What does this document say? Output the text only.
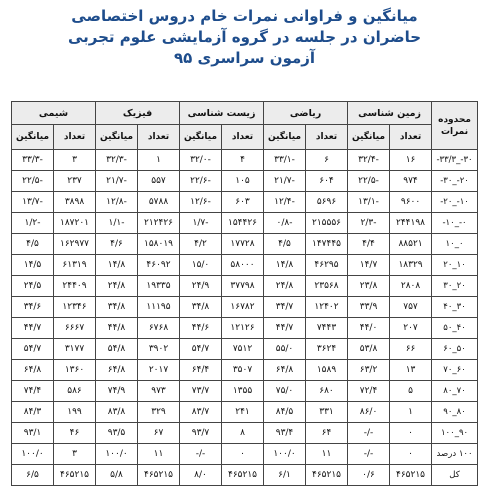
میانگین و فراوانی نمرات خام دروس اختصاصی
حاضران در جلسه در گروه آزمایشی علوم تجربی
آزمون سراسری ۹۵
محدوده
نمرات	زمین شناسی		ریاضی		زیست شناسی		فیزیک		شیمی	
	تعداد	میانگین	تعداد	میانگین	تعداد	میانگین	تعداد	میانگین	تعداد	میانگین
۳۰-_۳۳/۳-	۱۶	-۳۲/۴	۶	-۳۳/۱	۴	-۳۲/۰	۱	-۳۲/۳	۳	-۳۳/۳
۲۰-_۳۰-	۹۷۴	-۲۲/۵	۶۰۴	-۲۱/۷	۱۰۵	-۲۲/۶	۵۵۷	-۲۱/۷	۲۳۷	-۲۲/۵
۱۰-_۲۰-	۹۶۰۰	-۱۳/۱	۵۶۹۶	-۱۲/۴	۶۰۳	-۱۲/۶	۵۷۸۸	-۱۲/۸	۳۸۹۸	-۱۳/۷
۰-_۱۰-	۲۴۴۱۹۸	-۲/۳	۲۱۵۵۵۶	-۰/۸	۱۵۴۴۲۶	-۱/۷	۲۱۲۴۲۶	-۱/۱	۱۸۷۲۰۱	-۱/۲
۰_۱۰	۸۸۵۲۱	۴/۴	۱۴۷۴۴۵	۴/۵	۱۷۷۲۸	۴/۲	۱۵۸۰۱۹	۴/۶	۱۶۲۹۷۷	۴/۵
۱۰_۲۰	۱۸۳۲۹	۱۴/۷	۴۶۲۹۵	۱۴/۸	۵۸۰۰۰	۱۵/۰	۴۶۰۹۲	۱۴/۸	۶۱۳۱۹	۱۴/۵
۲۰_۳۰	۲۸۰۸	۲۳/۸	۲۳۵۶۸	۲۴/۸	۳۷۷۹۸	۲۴/۹	۱۹۳۳۵	۲۴/۸	۲۴۴۰۹	۲۴/۵
۳۰_۴۰	۷۵۷	۳۳/۹	۱۲۴۰۲	۳۴/۷	۱۶۷۸۲	۳۴/۸	۱۱۱۹۵	۳۴/۸	۱۲۳۴۶	۳۴/۶
۴۰_۵۰	۲۰۷	۴۴/۰	۷۴۴۳	۴۴/۷	۱۲۱۲۶	۴۴/۶	۶۷۶۸	۴۴/۸	۶۶۶۷	۴۴/۷
۵۰_۶۰	۶۶	۵۳/۸	۳۶۲۴	۵۵/۰	۷۵۱۲	۵۴/۷	۳۹۰۲	۵۴/۸	۳۱۷۷	۵۴/۷
۶۰_۷۰	۱۳	۶۳/۲	۱۵۸۹	۶۴/۸	۳۵۰۷	۶۴/۴	۲۰۱۷	۶۴/۸	۱۳۶۰	۶۴/۸
۷۰_۸۰	۵	۷۲/۴	۶۸۰	۷۵/۰	۱۳۵۵	۷۳/۷	۹۷۳	۷۴/۹	۵۸۶	۷۴/۴
۸۰_۹۰	۱	۸۶/۰	۳۳۱	۸۴/۵	۲۴۱	۸۳/۷	۳۲۹	۸۳/۸	۱۹۹	۸۴/۳
۹۰_۱۰۰	۰	-/-	۶۴	۹۳/۴	۸	۹۳/۷	۶۷	۹۳/۵	۴۶	۹۳/۱
۱۰۰ درصد	۰	-/-	۱۱	۱۰۰/۰	۰	-/-	۱۱	۱۰۰/۰	۳	۱۰۰/۰
کل	۴۶۵۲۱۵	۰/۶	۴۶۵۲۱۵	۶/۱	۴۶۵۲۱۵	۸/۰	۴۶۵۲۱۵	۵/۸	۴۶۵۲۱۵	۶/۵
